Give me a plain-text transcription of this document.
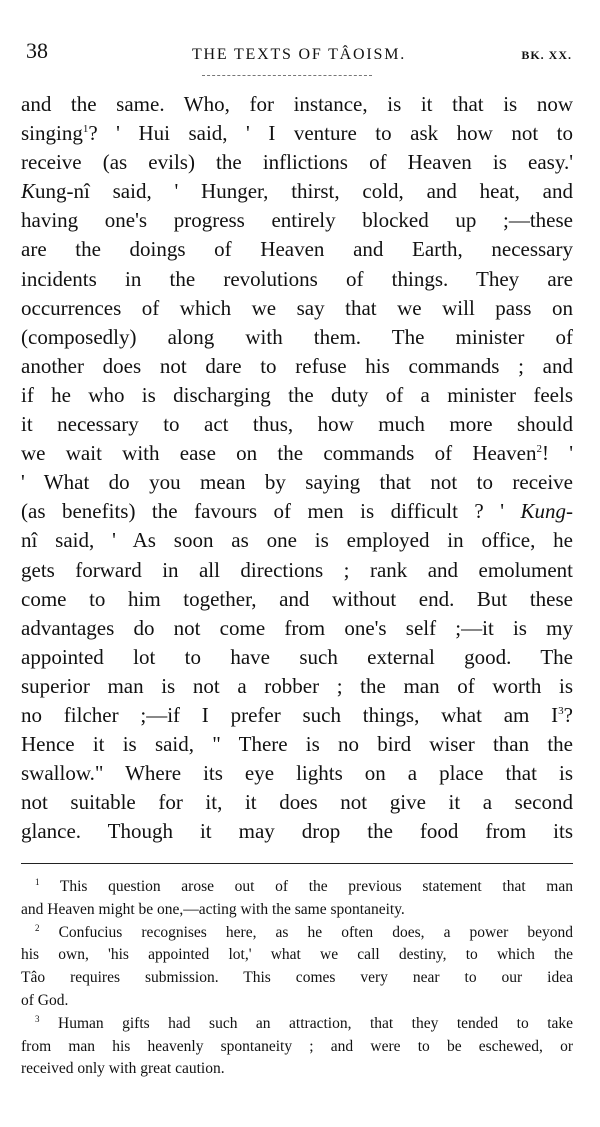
38	THE TEXTS OF TÂOISM.	BK. XX.
and the same. Who, for instance, is it that is now
singing$^1$? ' Hui said, ' I venture to ask how not to
receive (as evils) the inflictions of Heaven is easy.'
Kung-nî said, ' Hunger, thirst, cold, and heat, and
having one's progress entirely blocked up ;—these
are the doings of Heaven and Earth, necessary
incidents in the revolutions of things. They are
occurrences of which we say that we will pass on
(composedly) along with them. The minister of
another does not dare to refuse his commands ; and
if he who is discharging the duty of a minister feels
it necessary to act thus, how much more should
we wait with ease on the commands of Heaven$^2$! '
' What do you mean by saying that not to receive
(as benefits) the favours of men is difficult ? ' Kung-
nî said, ' As soon as one is employed in office, he
gets forward in all directions ; rank and emolument
come to him together, and without end. But these
advantages do not come from one's self ;—it is my
appointed lot to have such external good. The
superior man is not a robber ; the man of worth is
no filcher ;—if I prefer such things, what am $I^3$?
Hence it is said, " There is no bird wiser than the
swallow." Where its eye lights on a place that is
not suitable for it, it does not give it a second
glance. Though it may drop the food from its
$^1$ This question arose out of the previous statement that man
and Heaven might be one,—acting with the same spontaneity.
$^2$ Confucius recognises here, as he often does, a power beyond
his own, 'his appointed lot,' what we call destiny, to which the
Tâo requires submission. This comes very near to our idea
of God.
$^3$ Human gifts had such an attraction, that they tended to take
from man his heavenly spontaneity ; and were to be eschewed, or
received only with great caution.
